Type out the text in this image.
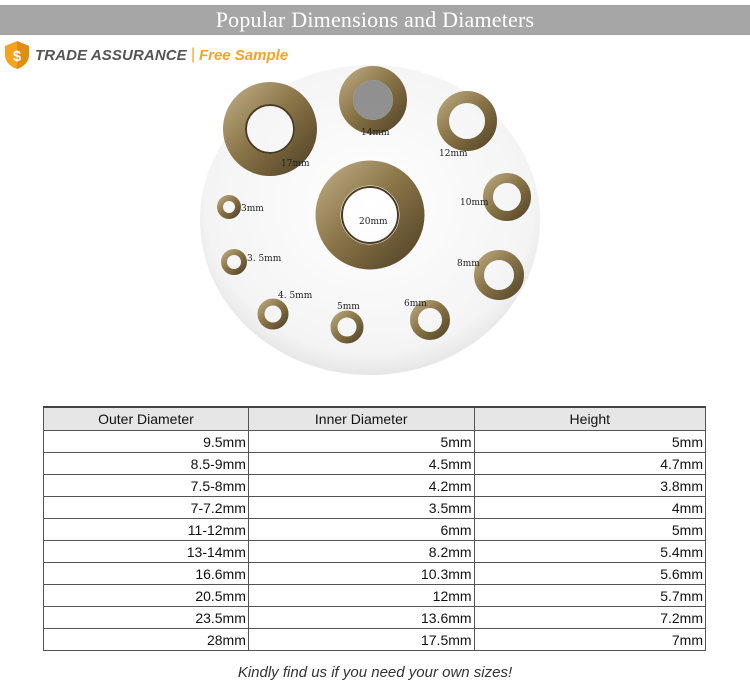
Popular Dimensions and Diameters
$ TRADE ASSURANCE | Free Sample
17mm
14mm
12mm
10mm
20mm
3mm
3. 5mm	8mm
4. 5mm
5mm	6mm
Outer Diameter	Inner Diameter	Height
9.5mm	5mm	5mm
8.5-9mm	4.5mm	4.7mm
7.5-8mm	4.2mm	3.8mm
7-7.2mm	3.5mm	4mm
11-12mm	6mm	5mm
13-14mm	8.2mm	5.4mm
16.6mm	10.3mm	5.6mm
20.5mm	12mm	5.7mm
23.5mm	13.6mm	7.2mm
28mm	17.5mm	7mm
Kindly find us if you need your own sizes!
